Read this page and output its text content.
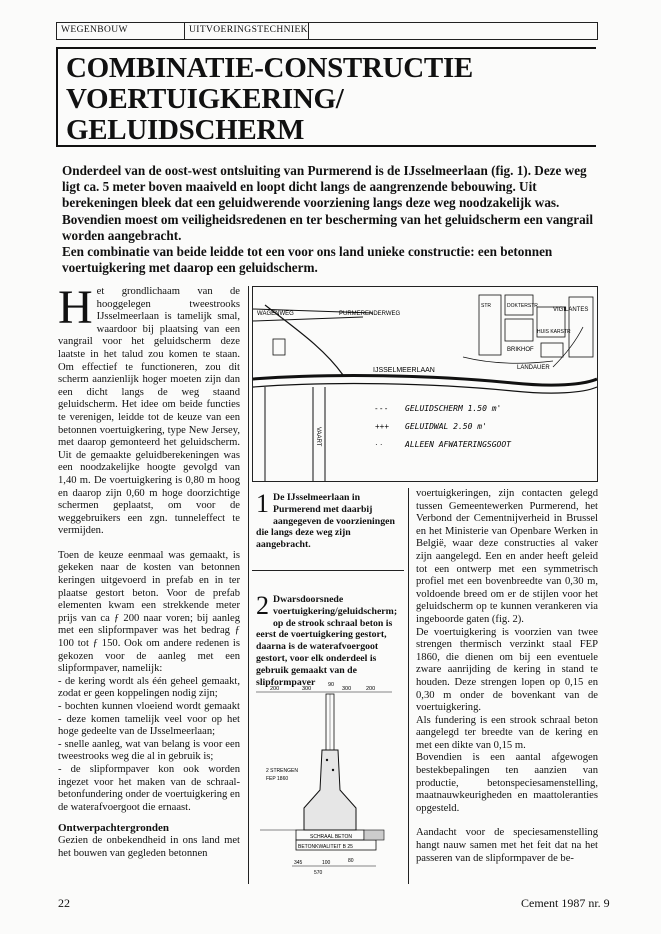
WEGENBOUW	UITVOERINGSTECHNIEK
COMBINATIE-CONSTRUCTIE
VOERTUIGKERING/
GELUIDSCHERM

Onderdeel van de oost-west ontsluiting van Purmerend is de IJsselmeerlaan (fig. 1). Deze weg ligt ca. 5 meter boven maaiveld en loopt dicht langs de aangrenzende bebouwing. Uit berekeningen bleek dat een geluidwerende voorziening langs deze weg noodzakelijk was. Bovendien moest om veiligheidsredenen en ter bescherming van het geluidscherm een vangrail worden aangebracht.

Een combinatie van beide leidde tot een voor ons land unieke constructie: een betonnen voertuigkering met daarop een geluidscherm.

Het grondlichaam van de hooggelegen tweestrooks IJsselmeerlaan is tamelijk smal, waardoor bij plaatsing van een vangrail voor het geluidscherm deze laatste in het talud zou komen te staan. Om effectief te functioneren, zou dit scherm aanzienlijk hoger moeten zijn dan een dicht langs de weg staand geluidscherm. Het idee om beide functies te verenigen, leidde tot de keuze van een betonnen voertuigkering, type New Jersey, met daarop gemonteerd het geluidscherm. Uit de gemaakte geluidberekeningen was een noodzakelijke hoogte gevolgd van 1,40 m. De voertuigkering is 0,80 m hoog en daarop zijn 0,60 m hoge doorzichtige schermen geplaatst, om voor de weggebruikers een zgn. tunneleffect te vermijden.

Toen de keuze eenmaal was gemaakt, is gekeken naar de kosten van betonnen keringen uitgevoerd in prefab en in ter plaatse gestort beton. Voor de prefab elementen kwam een strekkende meter prijs van ca ƒ 200 naar voren; bij aanleg met een slipformpaver was het bedrag ƒ 100 tot ƒ 150. Ook om andere redenen is gekozen voor de aanleg met een slipformpaver, namelijk:

- de kering wordt als één geheel gemaakt, zodat er geen koppelingen nodig zijn;
- bochten kunnen vloeiend wordt gemaakt - deze komen tamelijk veel voor op het hoge gedeelte van de IJsselmeerlaan;
- snelle aanleg, wat van belang is voor een tweestrooks weg die al in gebruik is;
- de slipformpaver kon ook worden ingezet voor het maken van de schraal-betonfundering onder de voertuigkering en de waterafvoergoot die ernaast.
Ontwerpachtergronden
Gezien de onbekendheid in ons land met het bouwen van gegleden betonnen
IJSSELMEERLAAN	LANDAUER
VIGILANTES
BRIKHOF
PURMERENDERWEG
WAGENWEG
HUIS KARSTR
DOKTERSTR
STR
VAART
- - - GELUIDSCHERM 1.50 m'
+++ GELUIDWAL 2.50 m'
· ·	ALLEEN AFWATERINGSGOOT
1 De IJsselmeerlaan in Purmerend met daarbij aangegeven de voorzieningen die langs deze weg zijn aangebracht.
2 Dwarsdoorsnede voertuigkering/geluidscherm; op de strook schraal beton is eerst de voertuigkering gestort, daarna is de waterafvoergoot gestort, voor elk onderdeel is gebruik gemaakt van de slipformpaver
200	300
90
300	200
2 STRENGEN
FEP 1860
SCHRAAL BETON
BETONKWALITEIT B 25
345	100
570
80

voertuigkeringen, zijn contacten gelegd tussen Gemeentewerken Purmerend, het Verbond der Cementnijverheid in Brussel en het Ministerie van Openbare Werken in België, waar deze constructies al vaker zijn aangelegd. Een en ander heeft geleid tot een ontwerp met een symmetrisch profiel met een bovenbreedte van 0,30 m, voldoende breed om er de stijlen voor het geluidscherm op te kunnen verankeren via ingeboorde gaten (fig. 2).

De voertuigkering is voorzien van twee strengen thermisch verzinkt staal FEP 1860, die dienen om bij een eventuele zware aanrijding de kering in stand te houden. Deze strengen lopen op 0,15 en 0,30 m onder de bovenkant van de voertuigkering.

Als fundering is een strook schraal beton aangelegd ter breedte van de kering en met een dikte van 0,15 m.

Bovendien is een aantal afgewogen bestekbepalingen ten aanzien van productie, betonspeciesamenstelling, maatnauwkeurigheden en maattoleranties opgesteld.

Aandacht voor de speciesamenstelling hangt nauw samen met het feit dat na het passeren van de slipformpaver de be-

22	Cement 1987 nr. 9
